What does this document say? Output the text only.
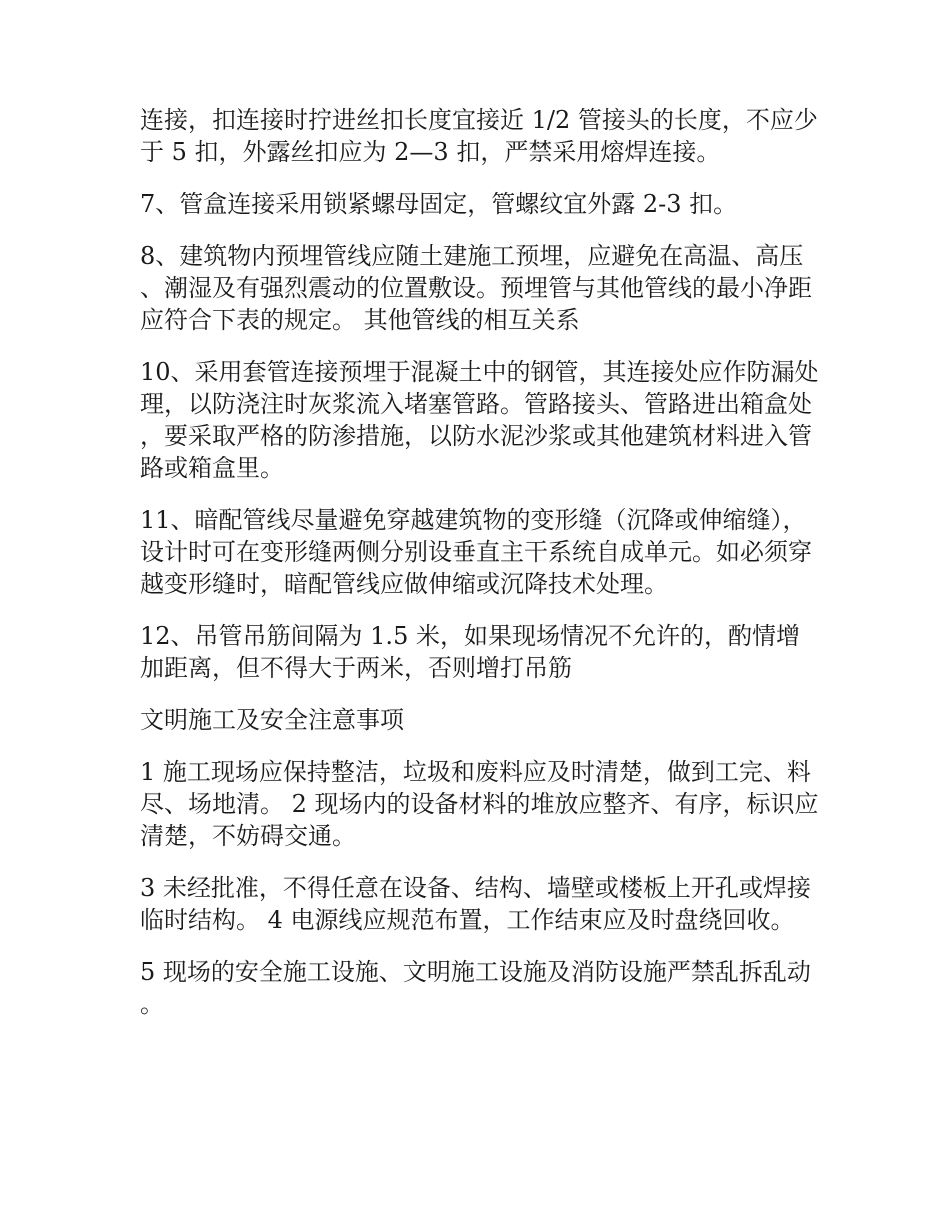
连接，扣连接时拧进丝扣长度宜接近 1/2 管接头的长度，不应少于 5 扣，外露丝扣应为 2—3 扣，严禁采用熔焊连接。

7、管盒连接采用锁紧螺母固定，管螺纹宜外露 2-3 扣。

8、建筑物内预埋管线应随土建施工预埋，应避免在高温、高压、潮湿及有强烈震动的位置敷设。预埋管与其他管线的最小净距应符合下表的规定。 其他管线的相互关系

10、采用套管连接预埋于混凝土中的钢管，其连接处应作防漏处理，以防浇注时灰浆流入堵塞管路。管路接头、管路进出箱盒处，要采取严格的防渗措施，以防水泥沙浆或其他建筑材料进入管路或箱盒里。

11、暗配管线尽量避免穿越建筑物的变形缝（沉降或伸缩缝），设计时可在变形缝两侧分别设垂直主干系统自成单元。如必须穿越变形缝时，暗配管线应做伸缩或沉降技术处理。

12、吊管吊筋间隔为 1.5 米，如果现场情况不允许的，酌情增加距离，但不得大于两米，否则增打吊筋

文明施工及安全注意事项

1 施工现场应保持整洁，垃圾和废料应及时清楚，做到工完、料尽、场地清。 2 现场内的设备材料的堆放应整齐、有序，标识应清楚，不妨碍交通。

3 未经批准，不得任意在设备、结构、墙壁或楼板上开孔或焊接临时结构。 4 电源线应规范布置，工作结束应及时盘绕回收。

5 现场的安全施工设施、文明施工设施及消防设施严禁乱拆乱动。
